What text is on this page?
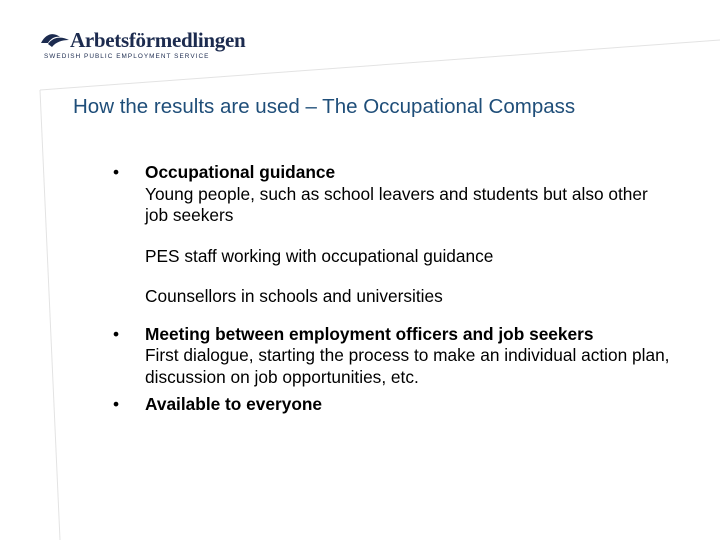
Arbetsförmedlingen
SWEDISH PUBLIC EMPLOYMENT SERVICE
How the results are used – The Occupational Compass
•	Occupational guidance
Young people, such as school leavers and students but also other job seekers
PES staff working with occupational guidance
Counsellors in schools and universities
•	Meeting between employment officers and job seekers
First dialogue, starting the process to make an individual action plan, discussion on job opportunities, etc.
•	Available to everyone
